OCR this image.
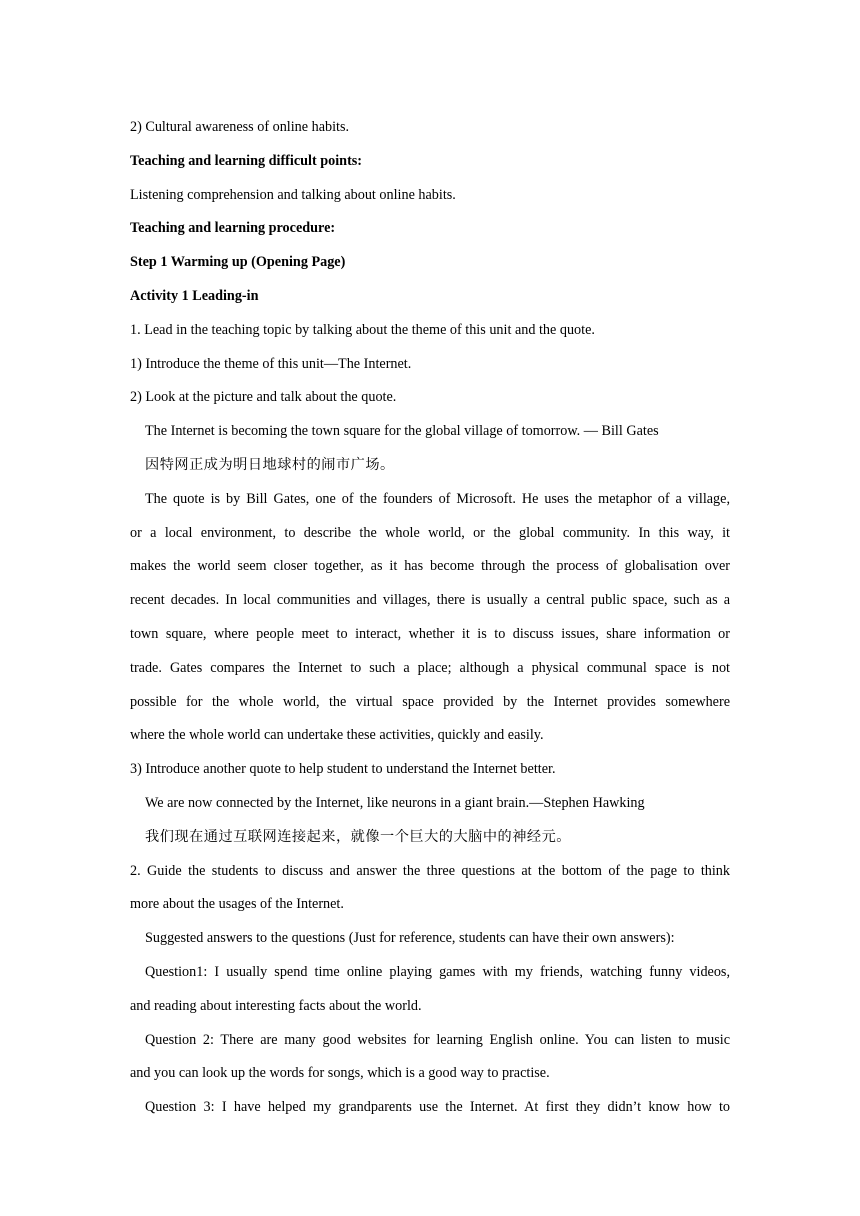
2) Cultural awareness of online habits.
Teaching and learning difficult points:
Listening comprehension and talking about online habits.
Teaching and learning procedure:
Step 1 Warming up (Opening Page)
Activity 1 Leading-in
1. Lead in the teaching topic by talking about the theme of this unit and the quote.
1) Introduce the theme of this unit—The Internet.
2) Look at the picture and talk about the quote.
The Internet is becoming the town square for the global village of tomorrow. — Bill Gates
因特网正成为明日地球村的闹市广场。
The quote is by Bill Gates, one of the founders of Microsoft. He uses the metaphor of a village,
or a local environment, to describe the whole world, or the global community. In this way, it
makes the world seem closer together, as it has become through the process of globalisation over
recent decades. In local communities and villages, there is usually a central public space, such as a
town square, where people meet to interact, whether it is to discuss issues, share information or
trade. Gates compares the Internet to such a place; although a physical communal space is not
possible for the whole world, the virtual space provided by the Internet provides somewhere
where the whole world can undertake these activities, quickly and easily.
3) Introduce another quote to help student to understand the Internet better.
We are now connected by the Internet, like neurons in a giant brain.—Stephen Hawking
我们现在通过互联网连接起来，就像一个巨大的大脑中的神经元。
2. Guide the students to discuss and answer the three questions at the bottom of the page to think
more about the usages of the Internet.
Suggested answers to the questions (Just for reference, students can have their own answers):
Question1: I usually spend time online playing games with my friends, watching funny videos,
and reading about interesting facts about the world.
Question 2: There are many good websites for learning English online. You can listen to music
and you can look up the words for songs, which is a good way to practise.
Question 3: I have helped my grandparents use the Internet. At first they didn’t know how to
